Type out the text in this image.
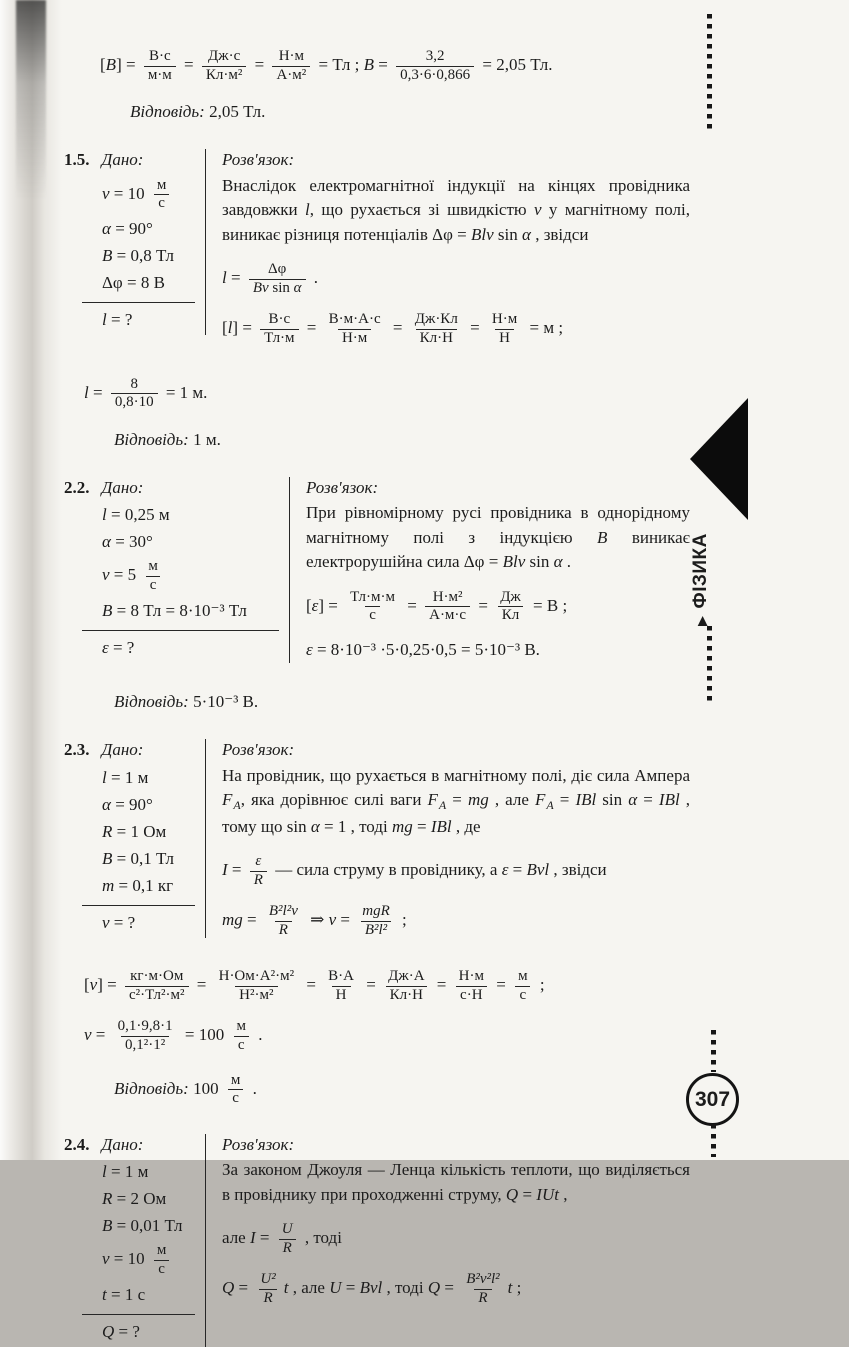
[B] = В·с
м·м
= Дж·с
Кл·м²
= Н·м
А·м²
= Тл ; $B = \frac{3,2}{0,3\cdot 6\cdot 0,866} = 2,05$ Тл.
Відповідь: 2,05 Тл.
1.5. Дано:
v = 10 м
с
α = 90°
B = 0,8 Тл
Δφ = 8 В
l = ?
Розв'язок:
Внаслідок електромагнітної індукції на кінцях провідника завдовжки l, що рухається зі швидкістю v у магнітному полі, виникає різниця потенціалів Δφ = Blv sin α , звідси
$l = \frac{\Delta\varphi}{\text{Bv sin α}}$ .
[l] = В·с
Тл·м
= В·м·А·с
Н·м
= Дж·Кл
Кл·Н
= Н·м
Н
= м ;
$l = \frac{8}{0,8\cdot 10} = 1$ м.
Відповідь: 1 м.
2.2. Дано:
l = 0,25 м
α = 30°
v = 5 м
с
B = 8 Тл = 8·10⁻³ Тл
ε = ?
Розв'язок:
При рівномірному русі провідника в однорідному магнітному полі з індукцією B виникає електрорушійна сила Δφ = Blv sin α .
[ε] = Тл·м·м
с
= Н·м²
А·м·с
= Дж
Кл
= В ;
ε = 8·10⁻³ ·5·0,25·0,5 = 5·10⁻³ В.
Відповідь: 5·10⁻³ В.
2.3. Дано:
l = 1 м
α = 90°
R = 1 Ом
B = 0,1 Тл
m = 0,1 кг
v = ?
Розв'язок:
На провідник, що рухається в магнітному полі, діє сила Ампера $F_A$, яка дорівнює силі ваги $F_A$ = mg , але $F_A$ = IBl sin α = IBl , тому що sin α = 1 , тоді mg = IBl , де
$I = \frac{\varepsilon}{R}$ — сила струму в провіднику, а ε = Bvl , звідси
mg = $\frac{\text{B²l²v}}{R}$ ⇒ v = mgR
B²l²
;
[v] = кг·м·Ом
с²·Тл²·м²
= Н·Ом·А²·м²
Н²·м²
= В·А
Н
= Дж·А
Кл·Н
= Н·м
с·Н
= м
с
;
$v = \frac{0,1\cdot 9,8\cdot 1}{\text{0,1²·1²}} = 100$ м
с
.
Відповідь: 100 м
с
.
2.4. Дано:
l = 1 м
R = 2 Ом
B = 0,01 Тл
v = 10 м
с
t = 1 с
Q = ?
Розв'язок:
За законом Джоуля — Ленца кількість теплоти, що виділяється в провіднику при проходженні струму, Q = IUt ,
але $I = \frac{U}{R}$ , тоді
$Q = \frac{\text{U²}}{R}$ t , але U = Bvl , тоді $Q = \frac{\text{B²v²l²}}{R}$ t ;
▶
ФІЗИКА
307
